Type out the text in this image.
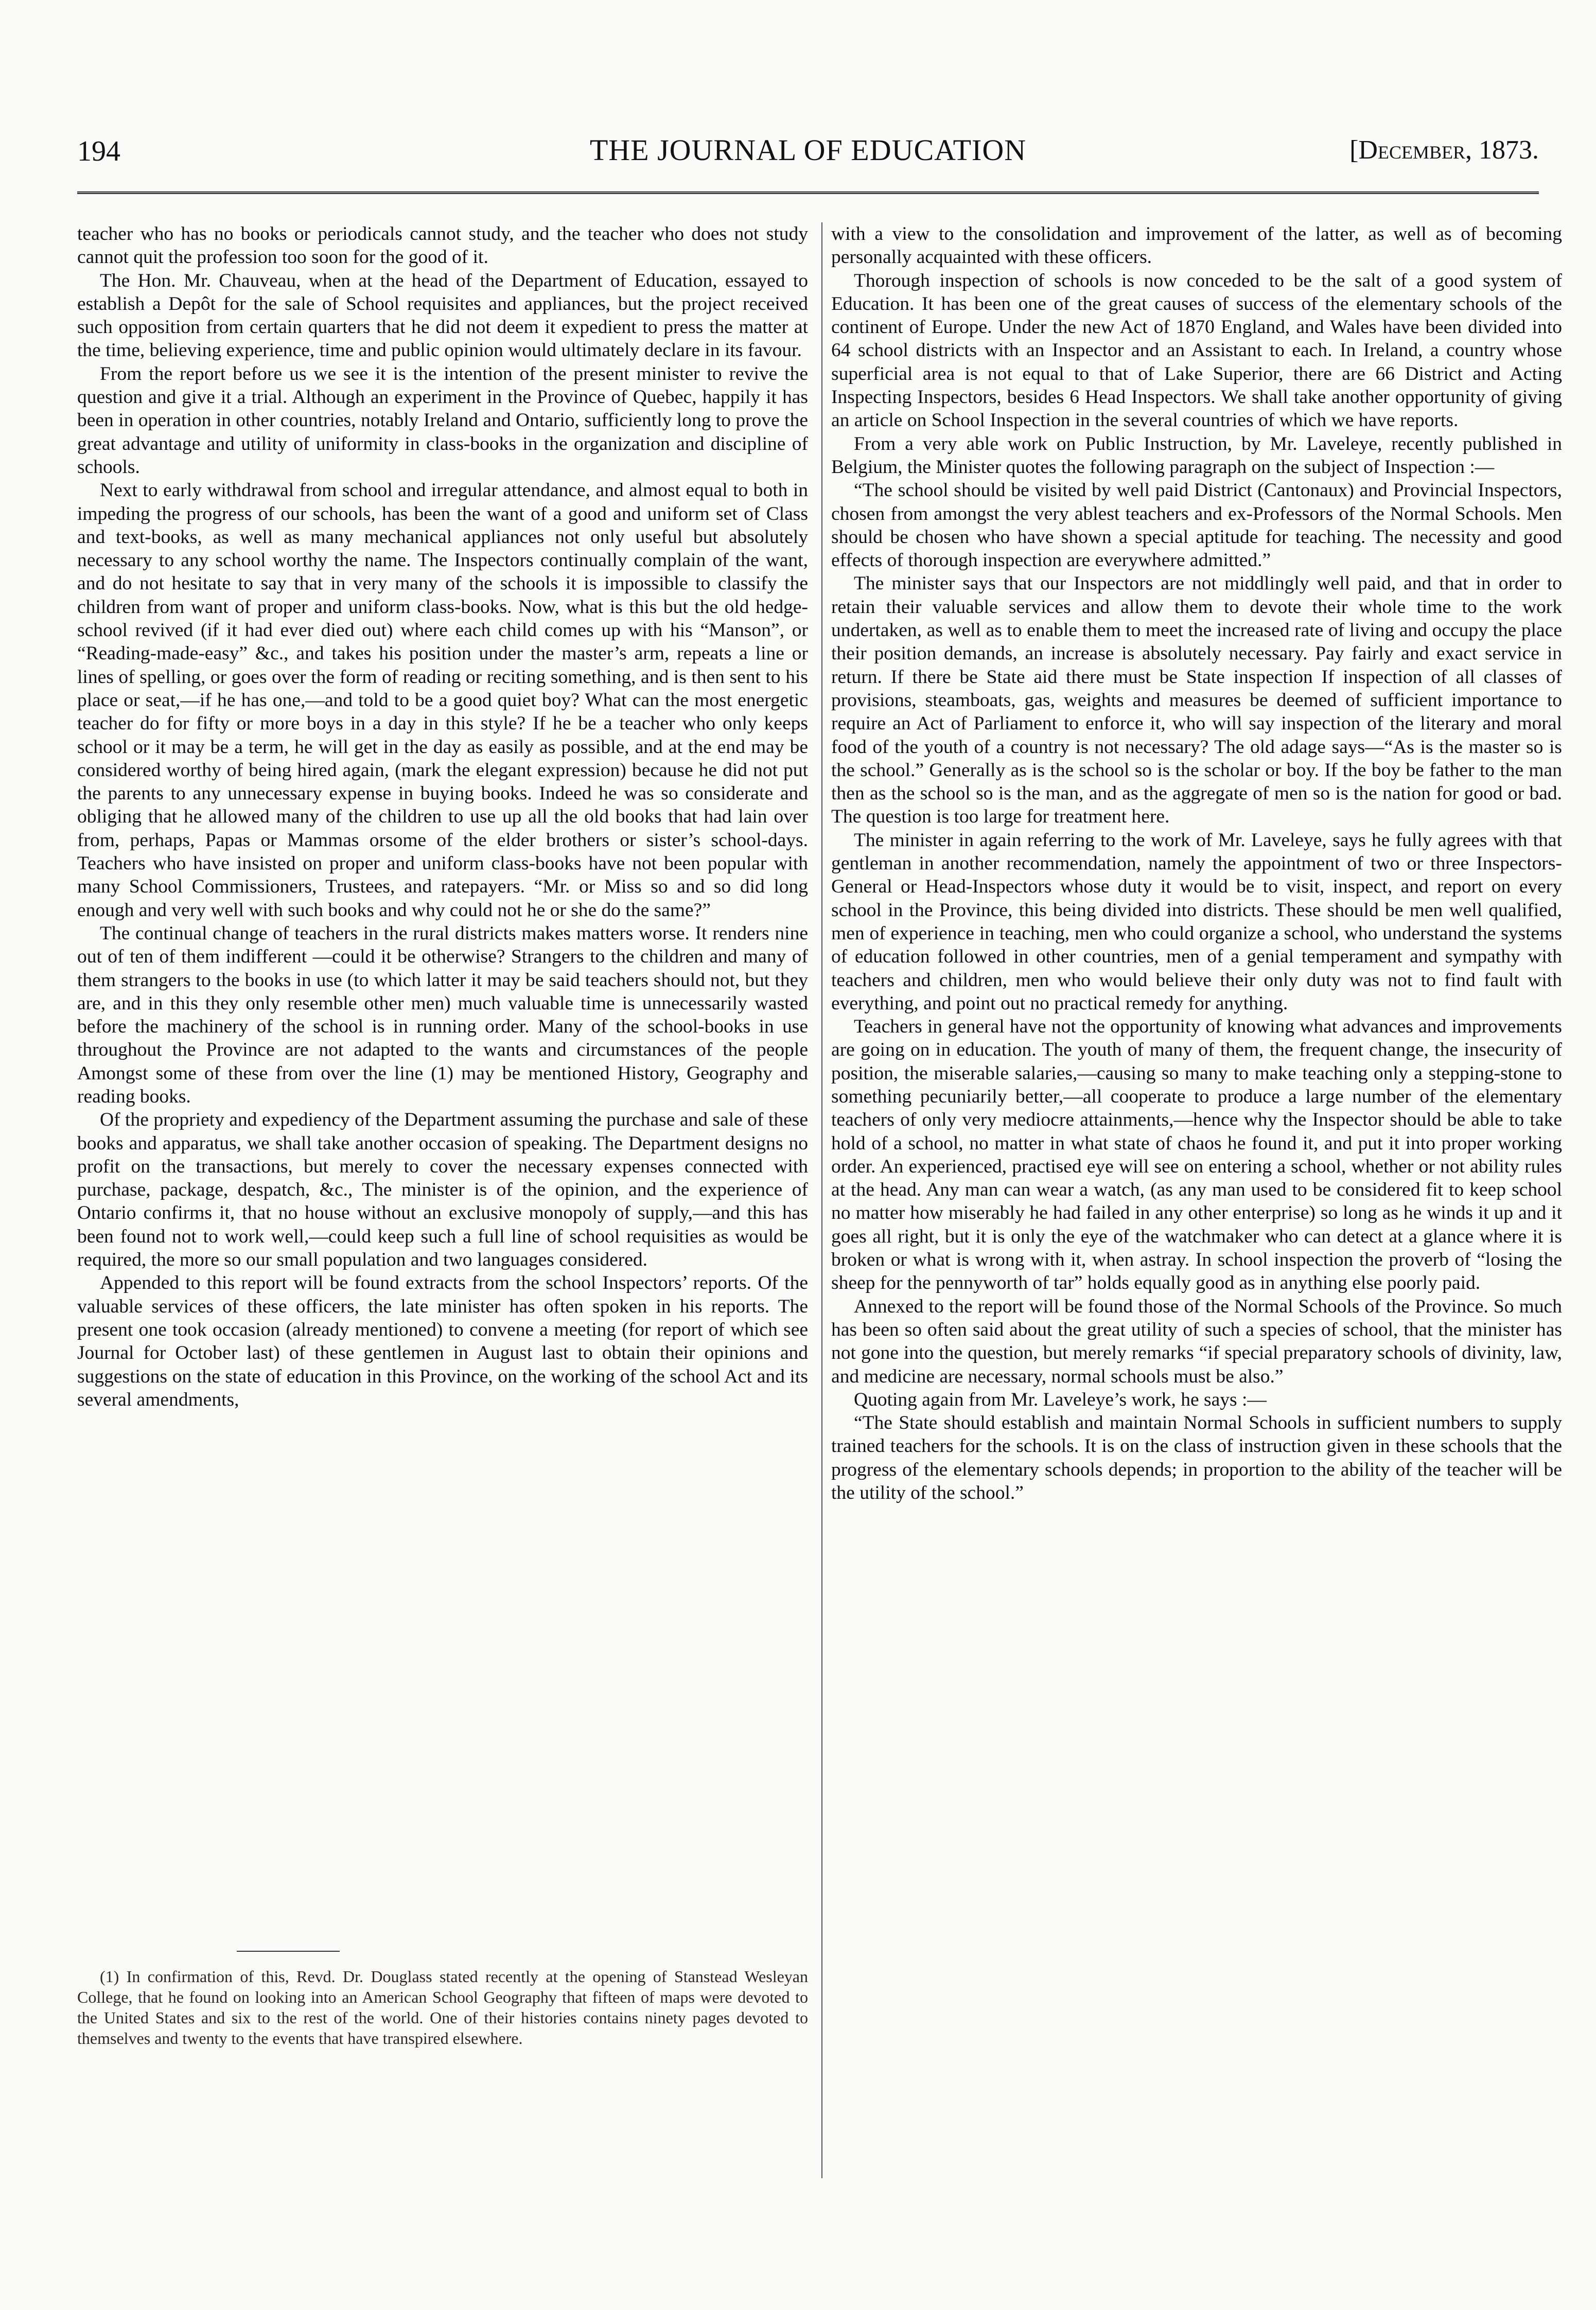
194	THE JOURNAL OF EDUCATION	[December, 1873.

teacher who has no books or periodicals cannot study, and the teacher who does not study cannot quit the profession too soon for the good of it.

The Hon. Mr. Chauveau, when at the head of the Department of Education, essayed to establish a Depôt for the sale of School requisites and appliances, but the project received such opposition from certain quarters that he did not deem it expedient to press the matter at the time, believing experience, time and public opinion would ultimately declare in its favour.

From the report before us we see it is the intention of the present minister to revive the question and give it a trial. Although an experiment in the Province of Quebec, happily it has been in operation in other countries, notably Ireland and Ontario, sufficiently long to prove the great advantage and utility of uniformity in class-books in the organization and discipline of schools.

Next to early withdrawal from school and irregular attendance, and almost equal to both in impeding the progress of our schools, has been the want of a good and uniform set of Class and text-books, as well as many mechanical appliances not only useful but absolutely necessary to any school worthy the name. The Inspectors continually complain of the want, and do not hesitate to say that in very many of the schools it is impossible to classify the children from want of proper and uniform class-books. Now, what is this but the old hedge-school revived (if it had ever died out) where each child comes up with his “Manson”, or “Reading-made-easy” &c., and takes his position under the master’s arm, repeats a line or lines of spelling, or goes over the form of reading or reciting something, and is then sent to his place or seat,—if he has one,—and told to be a good quiet boy? What can the most energetic teacher do for fifty or more boys in a day in this style? If he be a teacher who only keeps school or it may be a term, he will get in the day as easily as possible, and at the end may be considered worthy of being hired again, (mark the elegant expression) because he did not put the parents to any unnecessary expense in buying books. Indeed he was so considerate and obliging that he allowed many of the children to use up all the old books that had lain over from, perhaps, Papas or Mammas orsome of the elder brothers or sister’s school-days. Teachers who have insisted on proper and uniform class-books have not been popular with many School Commissioners, Trustees, and ratepayers. “Mr. or Miss so and so did long enough and very well with such books and why could not he or she do the same?”

The continual change of teachers in the rural districts makes matters worse. It renders nine out of ten of them indifferent —could it be otherwise? Strangers to the children and many of them strangers to the books in use (to which latter it may be said teachers should not, but they are, and in this they only resemble other men) much valuable time is unnecessarily wasted before the machinery of the school is in running order. Many of the school-books in use throughout the Province are not adapted to the wants and circumstances of the people Amongst some of these from over the line (1) may be mentioned History, Geography and reading books.

Of the propriety and expediency of the Department assuming the purchase and sale of these books and apparatus, we shall take another occasion of speaking. The Department designs no profit on the transactions, but merely to cover the necessary expenses connected with purchase, package, despatch, &c., The minister is of the opinion, and the experience of Ontario confirms it, that no house without an exclusive monopoly of supply,—and this has been found not to work well,—could keep such a full line of school requisities as would be required, the more so our small population and two languages considered.

Appended to this report will be found extracts from the school Inspectors’ reports. Of the valuable services of these officers, the late minister has often spoken in his reports. The present one took occasion (already mentioned) to convene a meeting (for report of which see Journal for October last) of these gentlemen in August last to obtain their opinions and suggestions on the state of education in this Province, on the working of the school Act and its several amendments,

with a view to the consolidation and improvement of the latter, as well as of becoming personally acquainted with these officers.

Thorough inspection of schools is now conceded to be the salt of a good system of Education. It has been one of the great causes of success of the elementary schools of the continent of Europe. Under the new Act of 1870 England, and Wales have been divided into 64 school districts with an Inspector and an Assistant to each. In Ireland, a country whose superficial area is not equal to that of Lake Superior, there are 66 District and Acting Inspecting Inspectors, besides 6 Head Inspectors. We shall take another opportunity of giving an article on School Inspection in the several countries of which we have reports.

From a very able work on Public Instruction, by Mr. Laveleye, recently published in Belgium, the Minister quotes the following paragraph on the subject of Inspection :—

“The school should be visited by well paid District (Cantonaux) and Provincial Inspectors, chosen from amongst the very ablest teachers and ex-Professors of the Normal Schools. Men should be chosen who have shown a special aptitude for teaching. The necessity and good effects of thorough inspection are everywhere admitted.”

The minister says that our Inspectors are not middlingly well paid, and that in order to retain their valuable services and allow them to devote their whole time to the work undertaken, as well as to enable them to meet the increased rate of living and occupy the place their position demands, an increase is absolutely necessary. Pay fairly and exact service in return. If there be State aid there must be State inspection If inspection of all classes of provisions, steamboats, gas, weights and measures be deemed of sufficient importance to require an Act of Parliament to enforce it, who will say inspection of the literary and moral food of the youth of a country is not necessary? The old adage says—“As is the master so is the school.” Generally as is the school so is the scholar or boy. If the boy be father to the man then as the school so is the man, and as the aggregate of men so is the nation for good or bad. The question is too large for treatment here.

The minister in again referring to the work of Mr. Laveleye, says he fully agrees with that gentleman in another recommendation, namely the appointment of two or three Inspectors-General or Head-Inspectors whose duty it would be to visit, inspect, and report on every school in the Province, this being divided into districts. These should be men well qualified, men of experience in teaching, men who could organize a school, who understand the systems of education followed in other countries, men of a genial temperament and sympathy with teachers and children, men who would believe their only duty was not to find fault with everything, and point out no practical remedy for anything.

Teachers in general have not the opportunity of knowing what advances and improvements are going on in education. The youth of many of them, the frequent change, the insecurity of position, the miserable salaries,—causing so many to make teaching only a stepping-stone to something pecuniarily better,—all cooperate to produce a large number of the elementary teachers of only very mediocre attainments,—hence why the Inspector should be able to take hold of a school, no matter in what state of chaos he found it, and put it into proper working order. An experienced, practised eye will see on entering a school, whether or not ability rules at the head. Any man can wear a watch, (as any man used to be considered fit to keep school no matter how miserably he had failed in any other enterprise) so long as he winds it up and it goes all right, but it is only the eye of the watchmaker who can detect at a glance where it is broken or what is wrong with it, when astray. In school inspection the proverb of “losing the sheep for the pennyworth of tar” holds equally good as in anything else poorly paid.

Annexed to the report will be found those of the Normal Schools of the Province. So much has been so often said about the great utility of such a species of school, that the minister has not gone into the question, but merely remarks “if special preparatory schools of divinity, law, and medicine are necessary, normal schools must be also.”

Quoting again from Mr. Laveleye’s work, he says :—

“The State should establish and maintain Normal Schools in sufficient numbers to supply trained teachers for the schools. It is on the class of instruction given in these schools that the progress of the elementary schools depends; in proportion to the ability of the teacher will be the utility of the school.”

(1) In confirmation of this, Revd. Dr. Douglass stated recently at the opening of Stanstead Wesleyan College, that he found on looking into an American School Geography that fifteen of maps were devoted to the United States and six to the rest of the world. One of their histories contains ninety pages devoted to themselves and twenty to the events that have transpired elsewhere.
